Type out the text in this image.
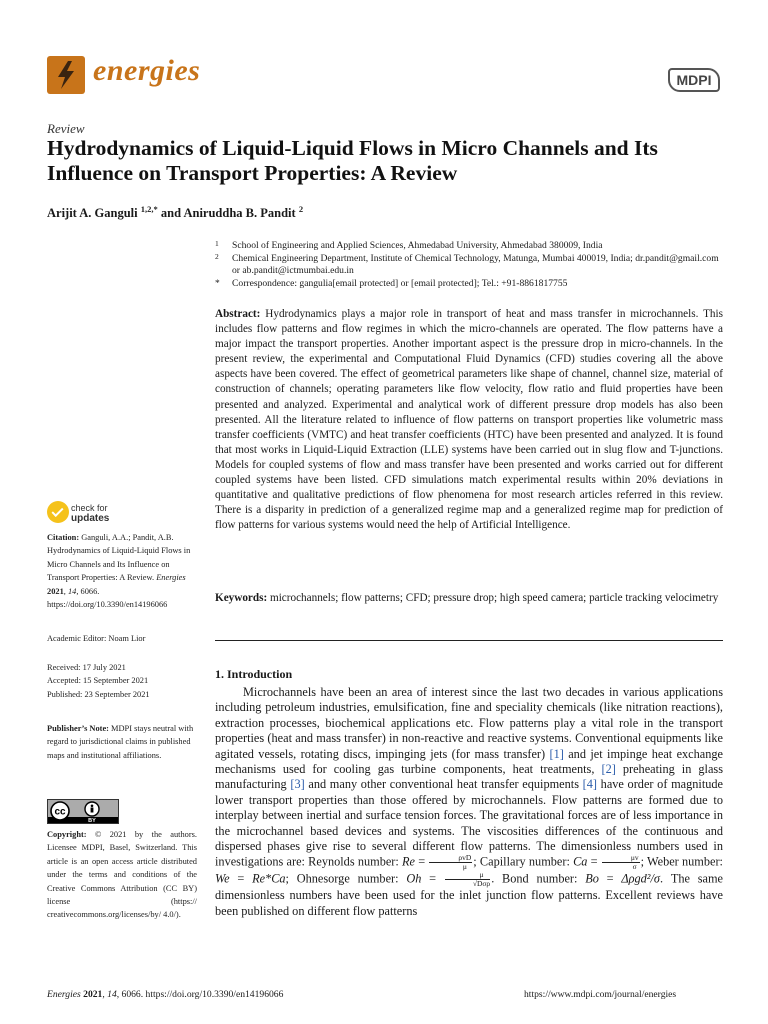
energies	MDPI
Review
Hydrodynamics of Liquid-Liquid Flows in Micro Channels and Its Influence on Transport Properties: A Review
Arijit A. Ganguli $^{1,2,*}$ and Aniruddha B. Pandit $^2$
1 School of Engineering and Applied Sciences, Ahmedabad University, Ahmedabad 380009, India
2 Chemical Engineering Department, Institute of Chemical Technology, Matunga, Mumbai 400019, India; dr.pandit@gmail.com or ab.pandit@ictmumbai.edu.in
* Correspondence: gangulia[email protected] or [email protected]; Tel.: +91-8861817755
Abstract: Hydrodynamics plays a major role in transport of heat and mass transfer in microchannels. This includes flow patterns and flow regimes in which the micro-channels are operated. The flow patterns have a major impact the transport properties. Another important aspect is the pressure drop in micro-channels. In the present review, the experimental and Computational Fluid Dynamics (CFD) studies covering all the above aspects have been covered. The effect of geometrical parameters like shape of channel, channel size, material of construction of channels; operating parameters like flow velocity, flow ratio and fluid properties have been presented and analyzed. Experimental and analytical work of different pressure drop models has also been presented. All the literature related to influence of flow patterns on transport properties like volumetric mass transfer coefficients (VMTC) and heat transfer coefficients (HTC) have been presented and analyzed. It is found that most works in Liquid-Liquid Extraction (LLE) systems have been carried out in slug flow and T-junctions. Models for coupled systems of flow and mass transfer have been presented and works carried out for different coupled systems have been listed. CFD simulations match experimental results within 20% deviations in quantitative and qualitative predictions of flow phenomena for most research articles referred in this review. There is a disparity in prediction of a generalized regime map and a generalized regime map for prediction of flow patterns for various systems would need the help of Artificial Intelligence.
Keywords: microchannels; flow patterns; CFD; pressure drop; high speed camera; particle tracking velocimetry
check for
updates
Citation: Ganguli, A.A.; Pandit, A.B. Hydrodynamics of Liquid-Liquid Flows in Micro Channels and Its Influence on Transport Properties: A Review. Energies 2021, 14, 6066. https://doi.org/10.3390/en14196066
Academic Editor: Noam Lior
Received: 17 July 2021
Accepted: 15 September 2021
Published: 23 September 2021
Publisher’s Note: MDPI stays neutral with regard to jurisdictional claims in published maps and institutional affiliations.
cc
BY
Copyright: © 2021 by the authors. Licensee MDPI, Basel, Switzerland. This article is an open access article distributed under the terms and conditions of the Creative Commons Attribution (CC BY) license (https:// creativecommons.org/licenses/by/ 4.0/).
1. Introduction
Microchannels have been an area of interest since the last two decades in various applications including petroleum industries, emulsification, fine and speciality chemicals (like nitration reactions), extraction processes, biochemical applications etc. Flow patterns play a vital role in the transport properties (heat and mass transfer) in non-reactive and reactive systems. Conventional equipments like agitated vessels, rotating discs, impinging jets (for mass transfer) [1] and jet impinge heat exchange mechanisms used for cooling gas turbine components, heat treatments, [2] preheating in glass manufacturing [3] and many other conventional heat transfer equipments [4] have order of magnitude lower transport properties than those offered by microchannels. Flow patterns are formed due to interplay between inertial and surface tension forces. The gravitational forces are of less importance in the microchannel based devices and systems. The viscosities differences of the continuous and dispersed phases give rise to several different flow patterns. The dimensionless numbers used in investigations are: Reynolds number: $Re = \frac{\text{ρvD}}{\mu}$ ; Capillary number: $Ca = \frac{\mu v}{\sigma}$ ; Weber number: We = Re*Ca; Ohnesorge number: $Oh = \frac{\mu}{\text{√Dσρ}}$ . Bond number: Bo = Δρgd²/σ. The same dimensionless numbers have been used for the inlet junction flow patterns. Excellent reviews have been published on different flow patterns
Energies 2021, 14, 6066. https://doi.org/10.3390/en14196066	https://www.mdpi.com/journal/energies
